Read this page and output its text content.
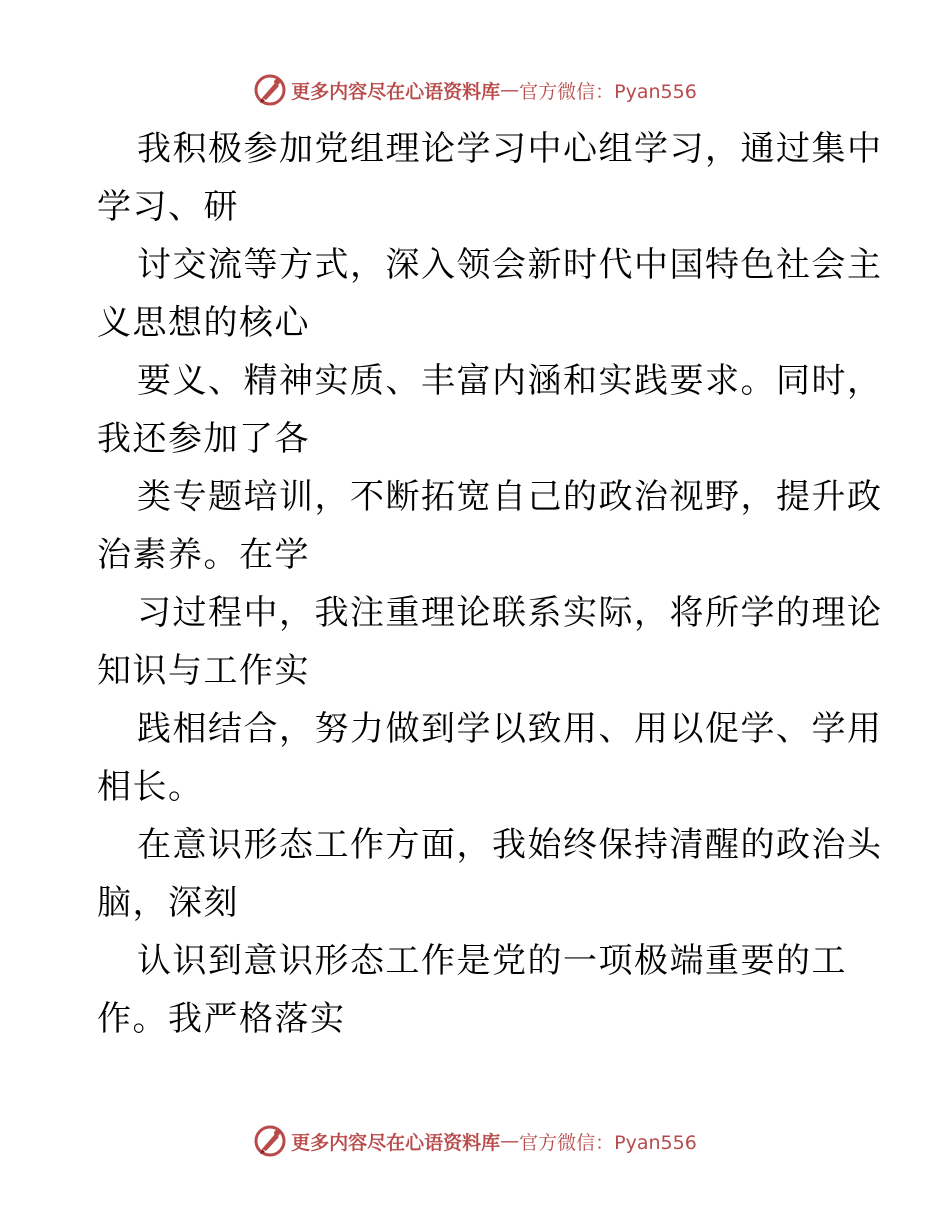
更多内容尽在心语资料库 — 官方微信：Pyan556
我积极参加党组理论学习中心组学习，通过集中
学习、研
讨交流等方式，深入领会新时代中国特色社会主
义思想的核心
要义、精神实质、丰富内涵和实践要求。同时，
我还参加了各
类专题培训，不断拓宽自己的政治视野，提升政
治素养。在学
习过程中，我注重理论联系实际，将所学的理论
知识与工作实
践相结合，努力做到学以致用、用以促学、学用
相长。
在意识形态工作方面，我始终保持清醒的政治头
脑，深刻
认识到意识形态工作是党的一项极端重要的工
作。我严格落实
更多内容尽在心语资料库 — 官方微信：Pyan556
